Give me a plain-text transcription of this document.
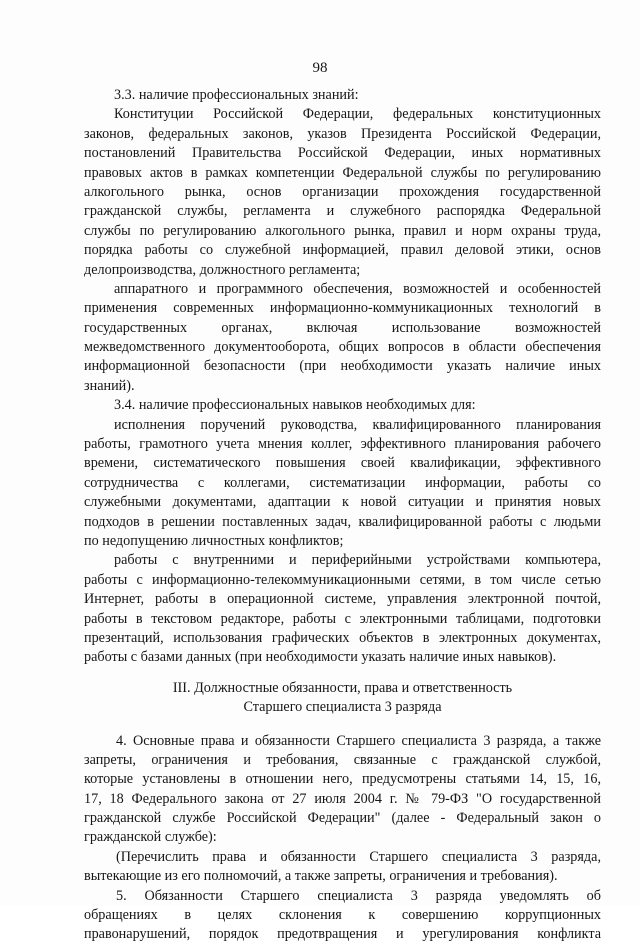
98
3.3. наличие профессиональных знаний:
Конституции Российской Федерации, федеральных конституционных
законов, федеральных законов, указов Президента Российской Федерации,
постановлений Правительства Российской Федерации, иных нормативных
правовых актов в рамках компетенции Федеральной службы по регулированию
алкогольного рынка, основ организации прохождения государственной
гражданской службы, регламента и служебного распорядка Федеральной
службы по регулированию алкогольного рынка, правил и норм охраны труда,
порядка работы со служебной информацией, правил деловой этики, основ
делопроизводства, должностного регламента;
аппаратного и программного обеспечения, возможностей и особенностей
применения современных информационно-коммуникационных технологий в
государственных органах, включая использование возможностей
межведомственного документооборота, общих вопросов в области обеспечения
информационной безопасности (при необходимости указать наличие иных
знаний).
3.4. наличие профессиональных навыков необходимых для:
исполнения поручений руководства, квалифицированного планирования
работы, грамотного учета мнения коллег, эффективного планирования рабочего
времени, систематического повышения своей квалификации, эффективного
сотрудничества с коллегами, систематизации информации, работы со
служебными документами, адаптации к новой ситуации и принятия новых
подходов в решении поставленных задач, квалифицированной работы с людьми
по недопущению личностных конфликтов;
работы с внутренними и периферийными устройствами компьютера,
работы с информационно-телекоммуникационными сетями, в том числе сетью
Интернет, работы в операционной системе, управления электронной почтой,
работы в текстовом редакторе, работы с электронными таблицами, подготовки
презентаций, использования графических объектов в электронных документах,
работы с базами данных (при необходимости указать наличие иных навыков).
III. Должностные обязанности, права и ответственность
Старшего специалиста 3 разряда
4. Основные права и обязанности Старшего специалиста 3 разряда, а также
запреты, ограничения и требования, связанные с гражданской службой,
которые установлены в отношении него, предусмотрены статьями 14, 15, 16,
17, 18 Федерального закона от 27 июля 2004 г. № 79-ФЗ "О государственной
гражданской службе Российской Федерации" (далее - Федеральный закон о
гражданской службе):
(Перечислить права и обязанности Старшего специалиста 3 разряда,
вытекающие из его полномочий, а также запреты, ограничения и требования).
5. Обязанности Старшего специалиста 3 разряда уведомлять об
обращениях в целях склонения к совершению коррупционных
правонарушений, порядок предотвращения и урегулирования конфликта
